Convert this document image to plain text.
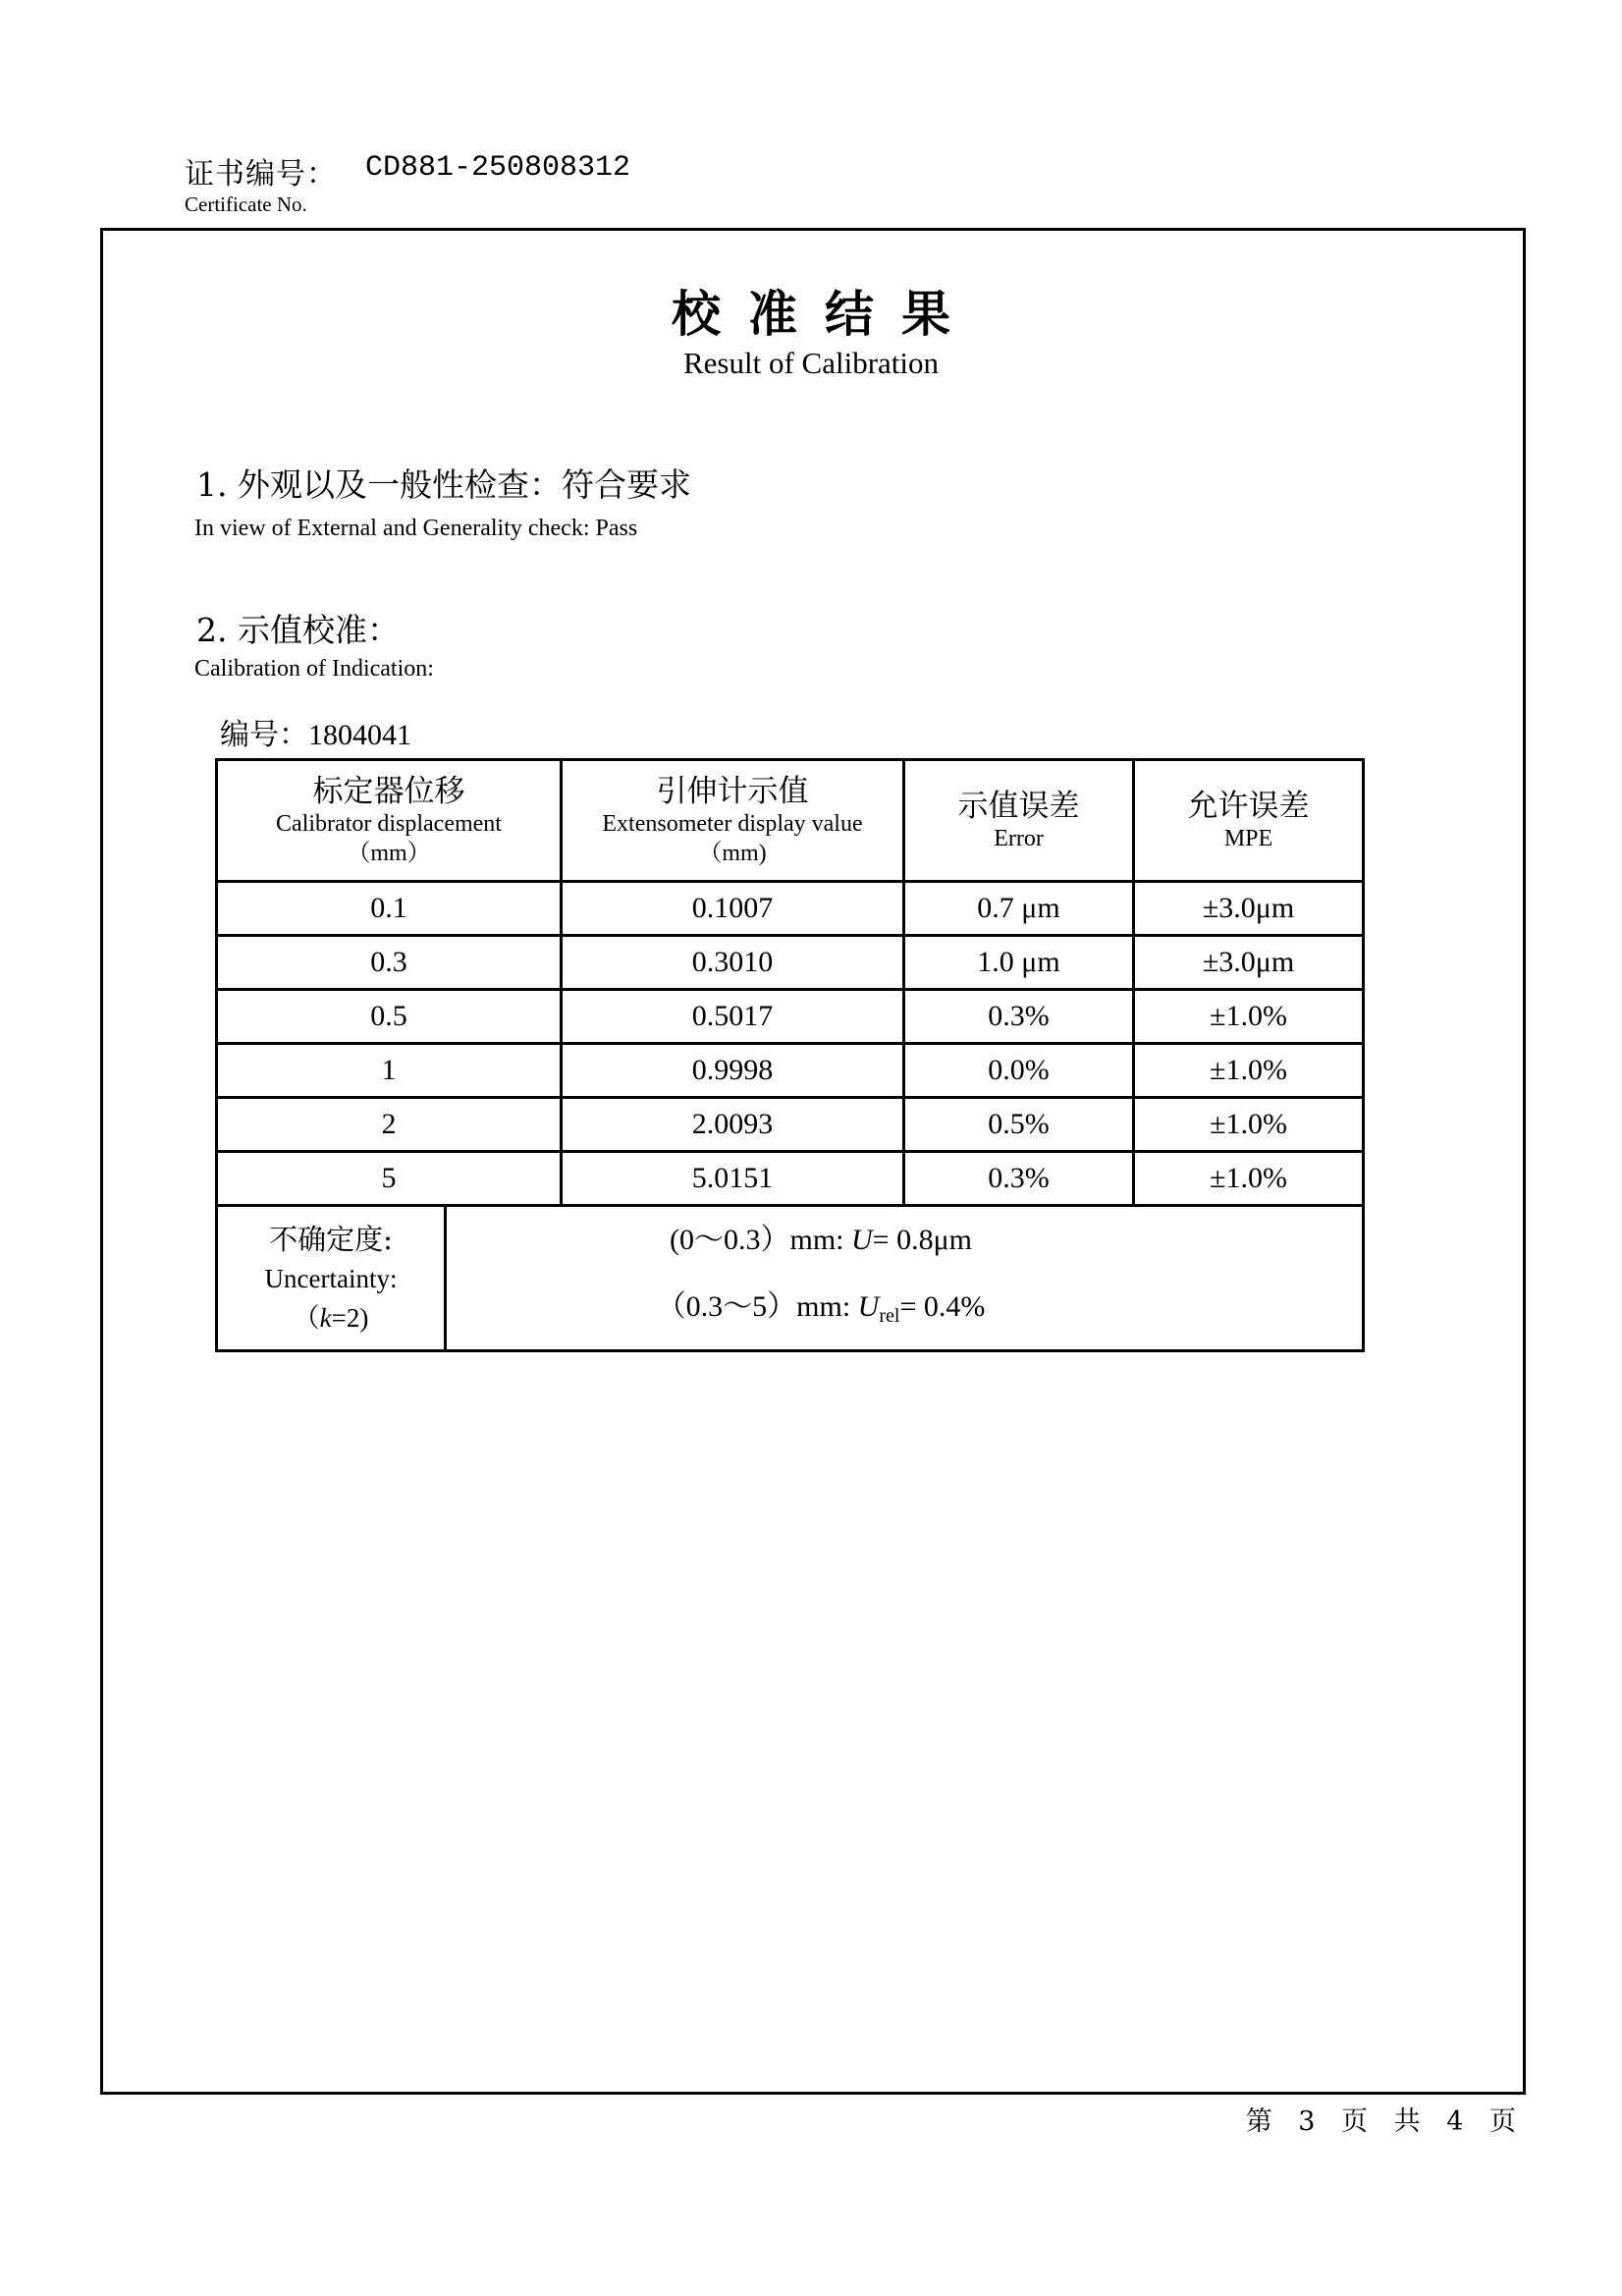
证书编号： CD881-250808312
Certificate No.
校准结果
Result of Calibration
1. 外观以及一般性检查：符合要求
In view of External and Generality check: Pass
2. 示值校准：
Calibration of Indication:
编号：1804041
标定器位移
Calibrator displacement
（mm）

引伸计示值
Extensometer display value
（mm)

示值误差
Error

允许误差
MPE

0.1		0.1007	0.7 μm	±3.0μm
0.3		0.3010	1.0 μm	±3.0μm
0.5		0.5017	0.3%	±1.0%
1		0.9998	0.0%	±1.0%
2		2.0093	0.5%	±1.0%
5		5.0151	0.3%	±1.0%

不确定度:
Uncertainty:
（k=2)

(0～0.3）mm: U= 0.8μm
（0.3～5）mm: $U_{rel}= 0.4\%$
第 3 页 共 4 页
